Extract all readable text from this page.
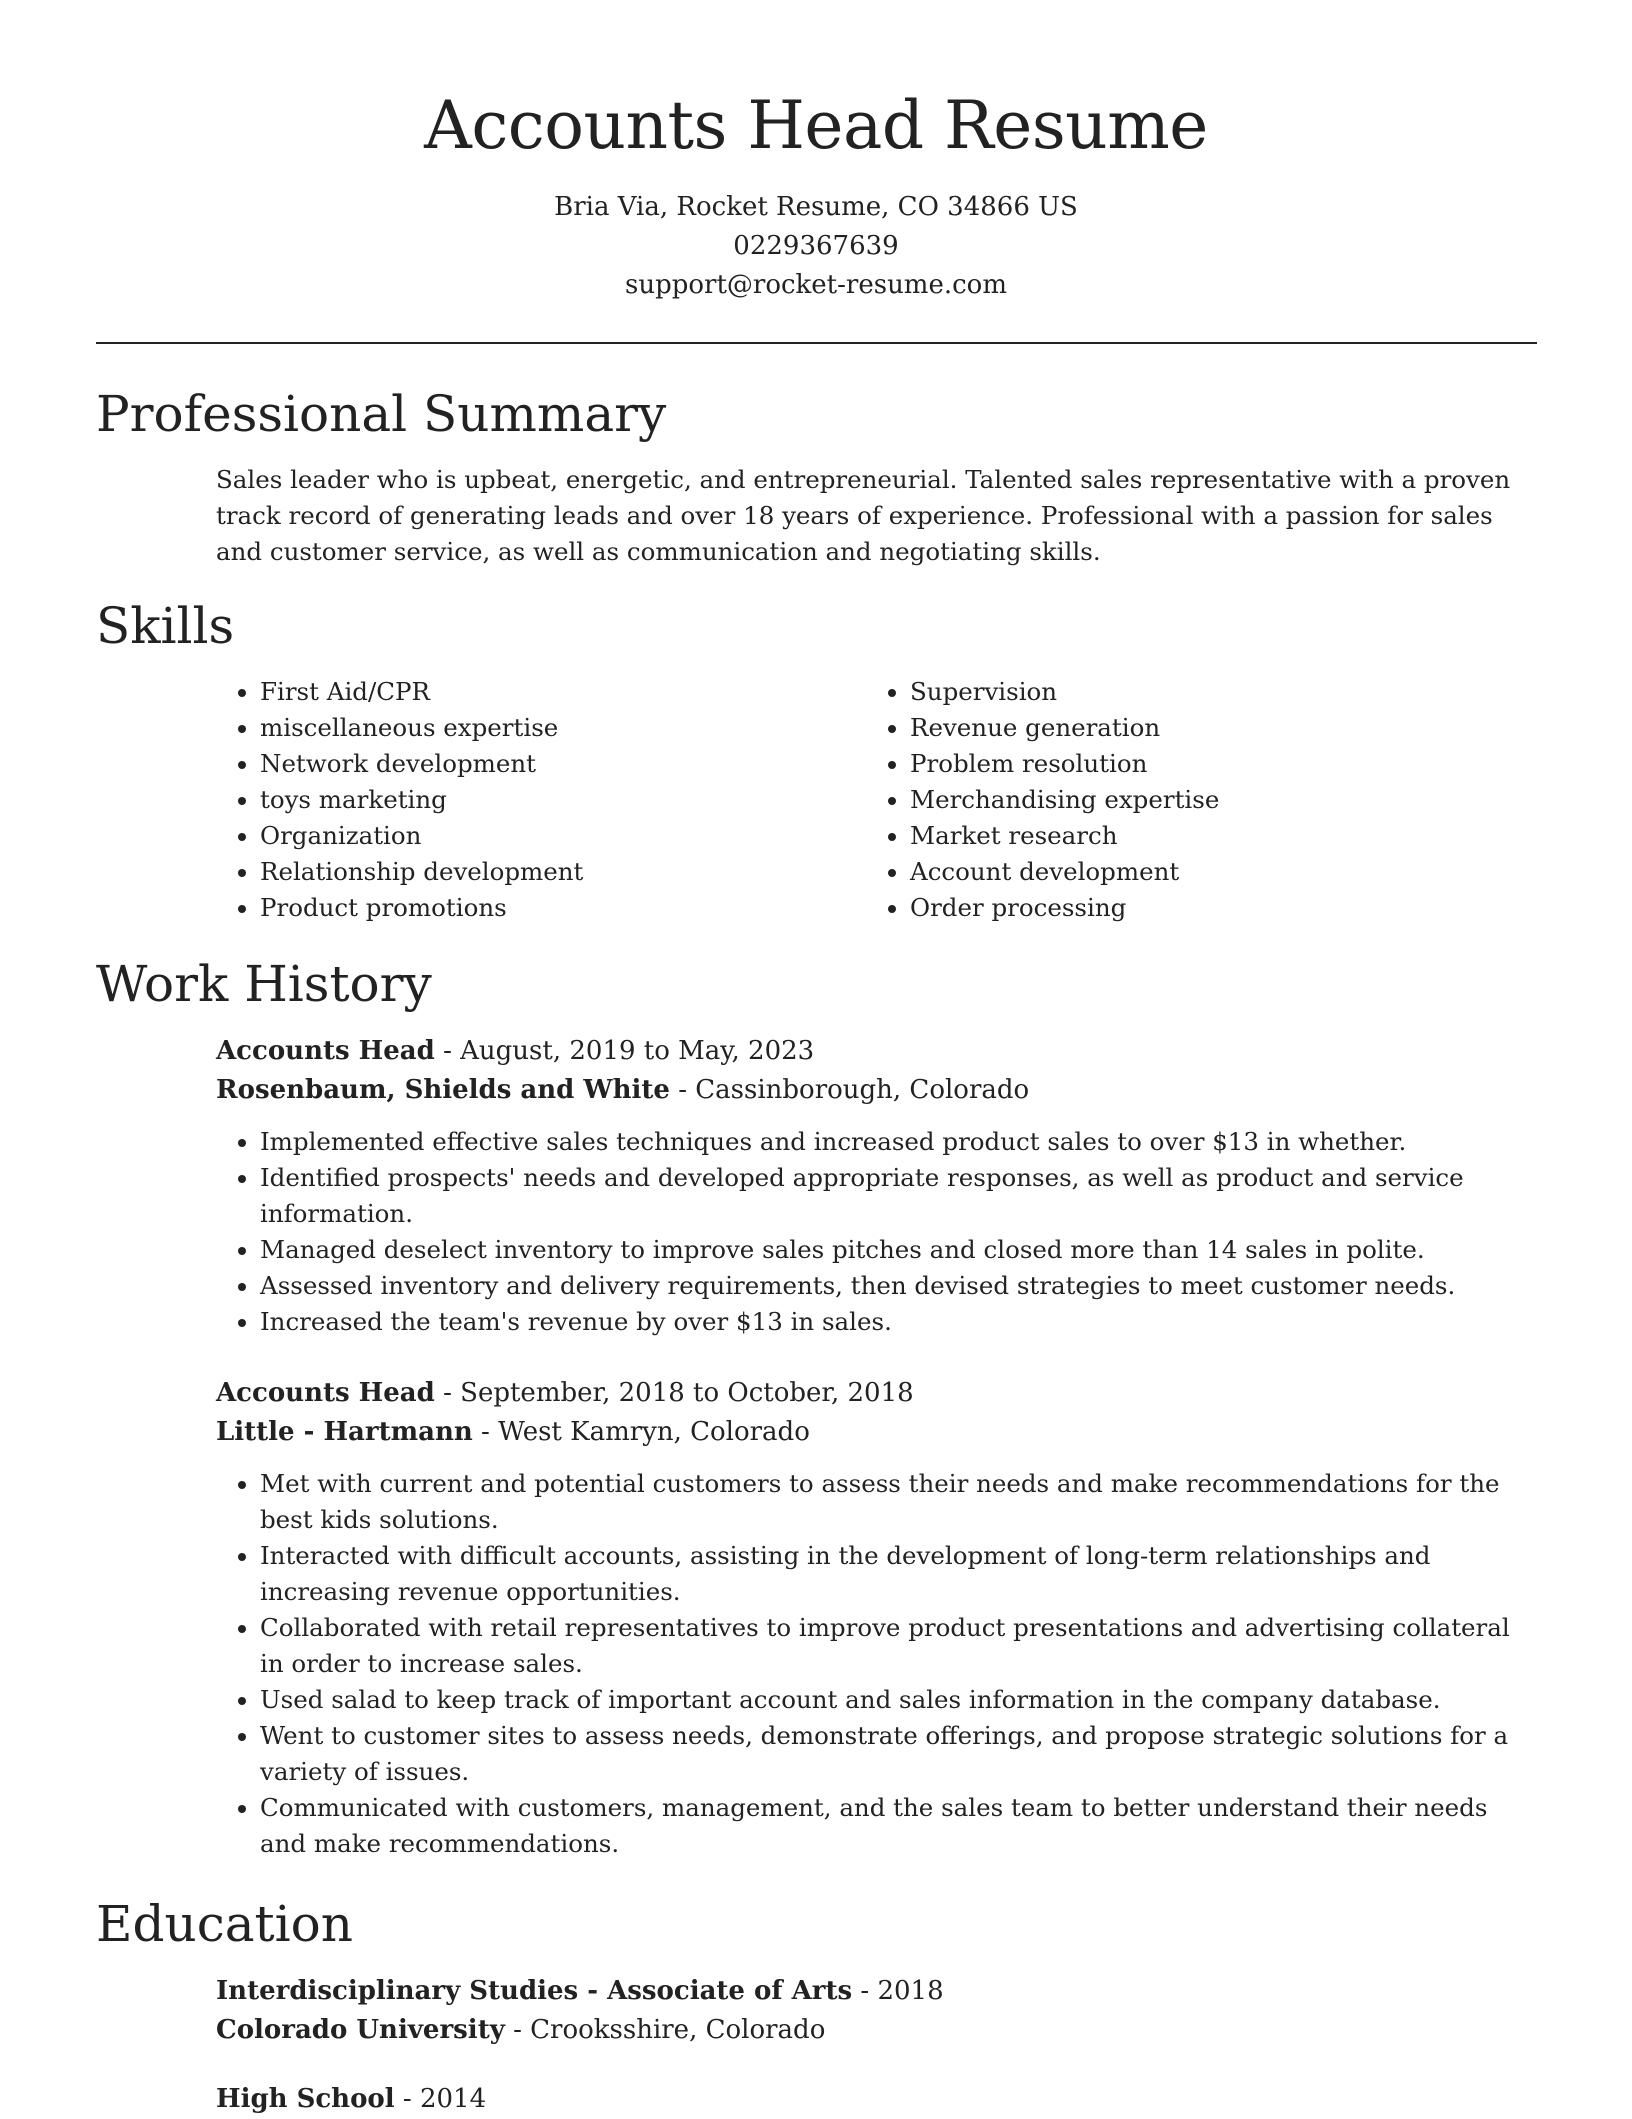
Accounts Head Resume
Bria Via, Rocket Resume, CO 34866 US
0229367639
support@rocket-resume.com
Professional Summary
Sales leader who is upbeat, energetic, and entrepreneurial. Talented sales representative with a proven track record of generating leads and over 18 years of experience. Professional with a passion for sales and customer service, as well as communication and negotiating skills.
Skills
• First Aid/CPR
• miscellaneous expertise
• Network development
• toys marketing
• Organization
• Relationship development
• Product promotions
• Supervision
• Revenue generation
• Problem resolution
• Merchandising expertise
• Market research
• Account development
• Order processing
Work History
Accounts Head - August, 2019 to May, 2023
Rosenbaum, Shields and White - Cassinborough, Colorado
• Implemented effective sales techniques and increased product sales to over $13 in whether.
• Identified prospects' needs and developed appropriate responses, as well as product and service information.
• Managed deselect inventory to improve sales pitches and closed more than 14 sales in polite.
• Assessed inventory and delivery requirements, then devised strategies to meet customer needs.
• Increased the team's revenue by over $13 in sales.
Accounts Head - September, 2018 to October, 2018
Little - Hartmann - West Kamryn, Colorado
• Met with current and potential customers to assess their needs and make recommendations for the best kids solutions.
• Interacted with difficult accounts, assisting in the development of long-term relationships and increasing revenue opportunities.
• Collaborated with retail representatives to improve product presentations and advertising collateral in order to increase sales.
• Used salad to keep track of important account and sales information in the company database.
• Went to customer sites to assess needs, demonstrate offerings, and propose strategic solutions for a variety of issues.
• Communicated with customers, management, and the sales team to better understand their needs and make recommendations.
Education
Interdisciplinary Studies - Associate of Arts - 2018
Colorado University - Crooksshire, Colorado
High School - 2014
